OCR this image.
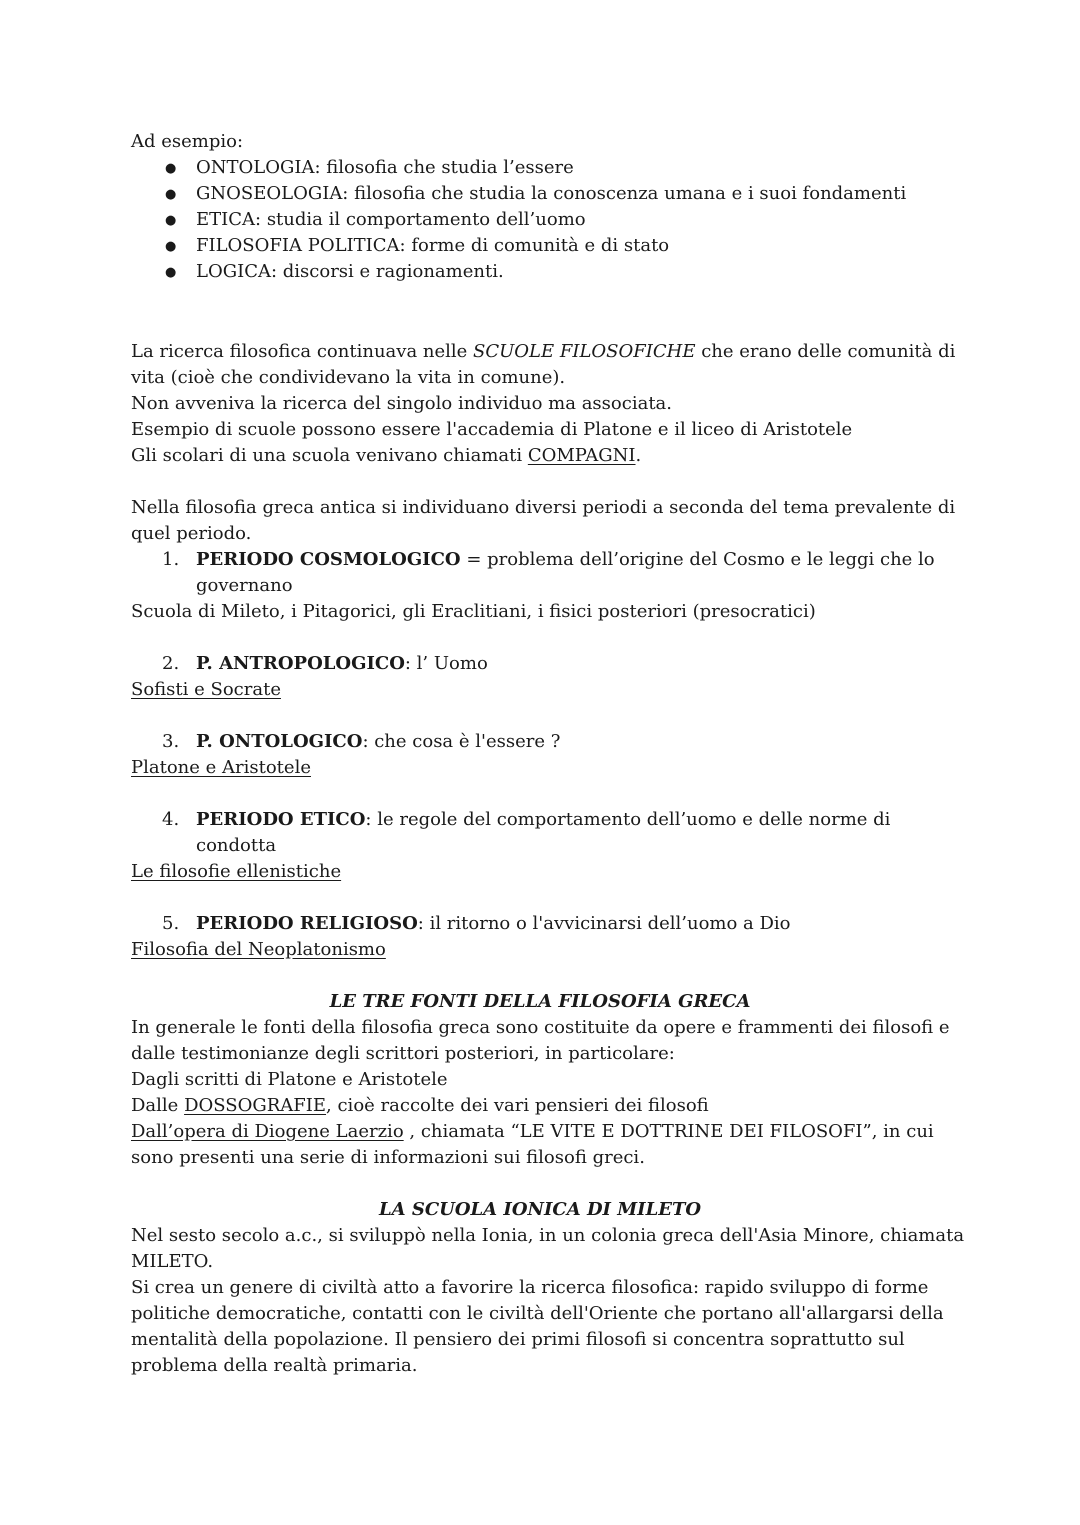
Ad esempio:
● ONTOLOGIA: filosofia che studia l’essere
● GNOSEOLOGIA: filosofia che studia la conoscenza umana e i suoi fondamenti
● ETICA: studia il comportamento dell’uomo
● FILOSOFIA POLITICA: forme di comunità e di stato
● LOGICA: discorsi e ragionamenti.
La ricerca filosofica continuava nelle SCUOLE FILOSOFICHE che erano delle comunità di
vita (cioè che condividevano la vita in comune).
Non avveniva la ricerca del singolo individuo ma associata.
Esempio di scuole possono essere l'accademia di Platone e il liceo di Aristotele
Gli scolari di una scuola venivano chiamati COMPAGNI.
Nella filosofia greca antica si individuano diversi periodi a seconda del tema prevalente di
quel periodo.
1. PERIODO COSMOLOGICO = problema dell’origine del Cosmo e le leggi che lo
governano
Scuola di Mileto, i Pitagorici, gli Eraclitiani, i fisici posteriori (presocratici)
2. P. ANTROPOLOGICO: l’ Uomo
Sofisti e Socrate
3. P. ONTOLOGICO: che cosa è l'essere ?
Platone e Aristotele
4. PERIODO ETICO: le regole del comportamento dell’uomo e delle norme di
condotta
Le filosofie ellenistiche
5. PERIODO RELIGIOSO: il ritorno o l'avvicinarsi dell’uomo a Dio
Filosofia del Neoplatonismo
LE TRE FONTI DELLA FILOSOFIA GRECA
In generale le fonti della filosofia greca sono costituite da opere e frammenti dei filosofi e
dalle testimonianze degli scrittori posteriori, in particolare:
Dagli scritti di Platone e Aristotele
Dalle DOSSOGRAFIE, cioè raccolte dei vari pensieri dei filosofi
Dall’opera di Diogene Laerzio , chiamata “LE VITE E DOTTRINE DEI FILOSOFI”, in cui
sono presenti una serie di informazioni sui filosofi greci.
LA SCUOLA IONICA DI MILETO
Nel sesto secolo a.c., si sviluppò nella Ionia, in un colonia greca dell'Asia Minore, chiamata
MILETO.
Si crea un genere di civiltà atto a favorire la ricerca filosofica: rapido sviluppo di forme
politiche democratiche, contatti con le civiltà dell'Oriente che portano all'allargarsi della
mentalità della popolazione. Il pensiero dei primi filosofi si concentra soprattutto sul
problema della realtà primaria.
